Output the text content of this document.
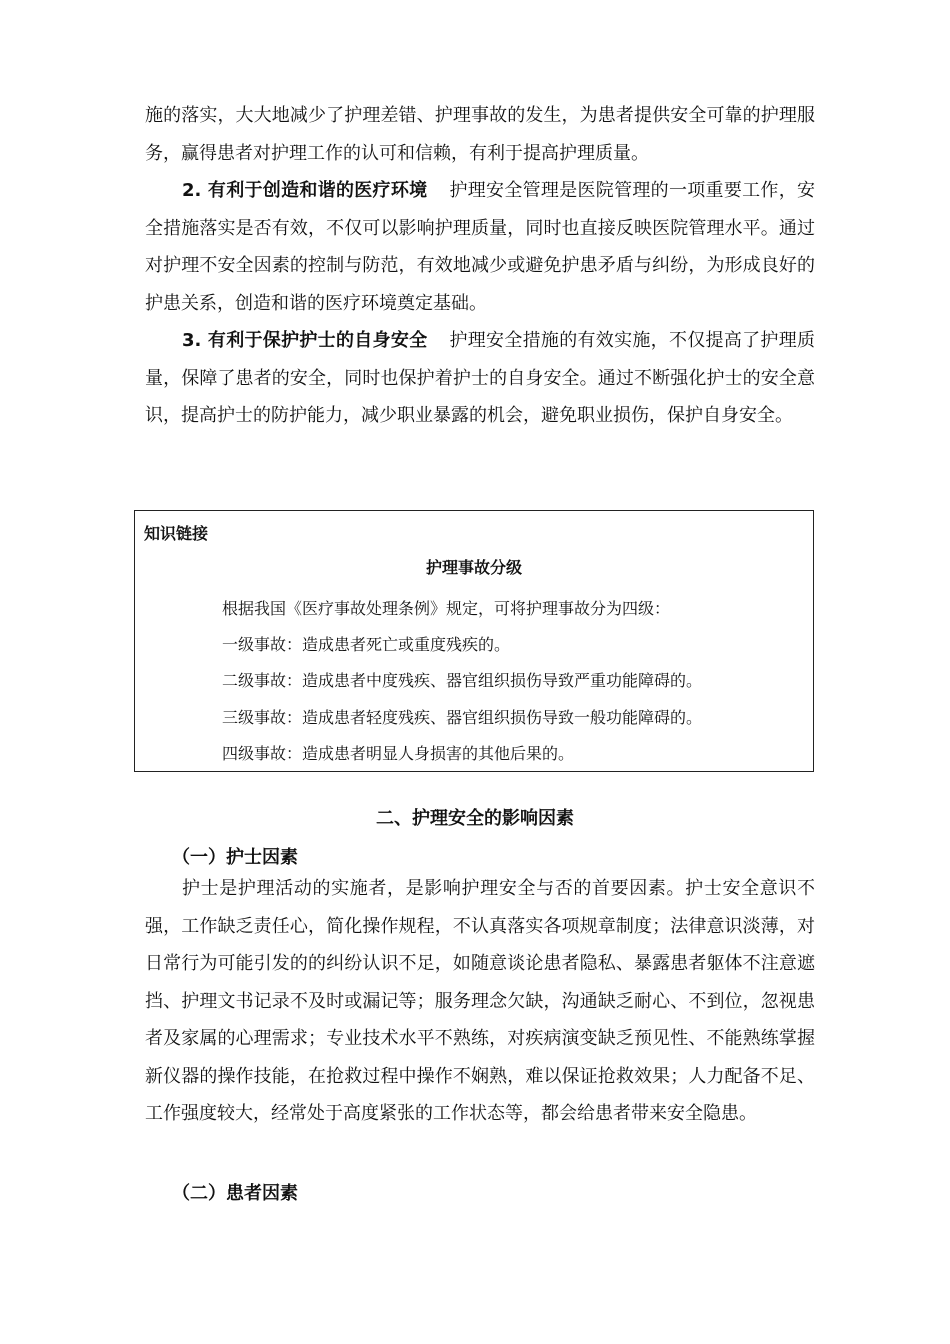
施的落实，大大地减少了护理差错、护理事故的发生，为患者提供安全可靠的护理服务，赢得患者对护理工作的认可和信赖，有利于提高护理质量。

2. 有利于创造和谐的医疗环境 护理安全管理是医院管理的一项重要工作，安全措施落实是否有效，不仅可以影响护理质量，同时也直接反映医院管理水平。通过对护理不安全因素的控制与防范，有效地减少或避免护患矛盾与纠纷，为形成良好的护患关系，创造和谐的医疗环境奠定基础。

3. 有利于保护护士的自身安全 护理安全措施的有效实施，不仅提高了护理质量，保障了患者的安全，同时也保护着护士的自身安全。通过不断强化护士的安全意识，提高护士的防护能力，减少职业暴露的机会，避免职业损伤，保护自身安全。

知识链接
护理事故分级
根据我国《医疗事故处理条例》规定，可将护理事故分为四级：
一级事故：造成患者死亡或重度残疾的。
二级事故：造成患者中度残疾、器官组织损伤导致严重功能障碍的。
三级事故：造成患者轻度残疾、器官组织损伤导致一般功能障碍的。
四级事故：造成患者明显人身损害的其他后果的。
二、护理安全的影响因素
（一）护士因素

护士是护理活动的实施者，是影响护理安全与否的首要因素。护士安全意识不强，工作缺乏责任心，简化操作规程，不认真落实各项规章制度；法律意识淡薄，对日常行为可能引发的的纠纷认识不足，如随意谈论患者隐私、暴露患者躯体不注意遮挡、护理文书记录不及时或漏记等；服务理念欠缺，沟通缺乏耐心、不到位，忽视患者及家属的心理需求；专业技术水平不熟练，对疾病演变缺乏预见性、不能熟练掌握新仪器的操作技能，在抢救过程中操作不娴熟，难以保证抢救效果；人力配备不足、工作强度较大，经常处于高度紧张的工作状态等，都会给患者带来安全隐患。

（二）患者因素
